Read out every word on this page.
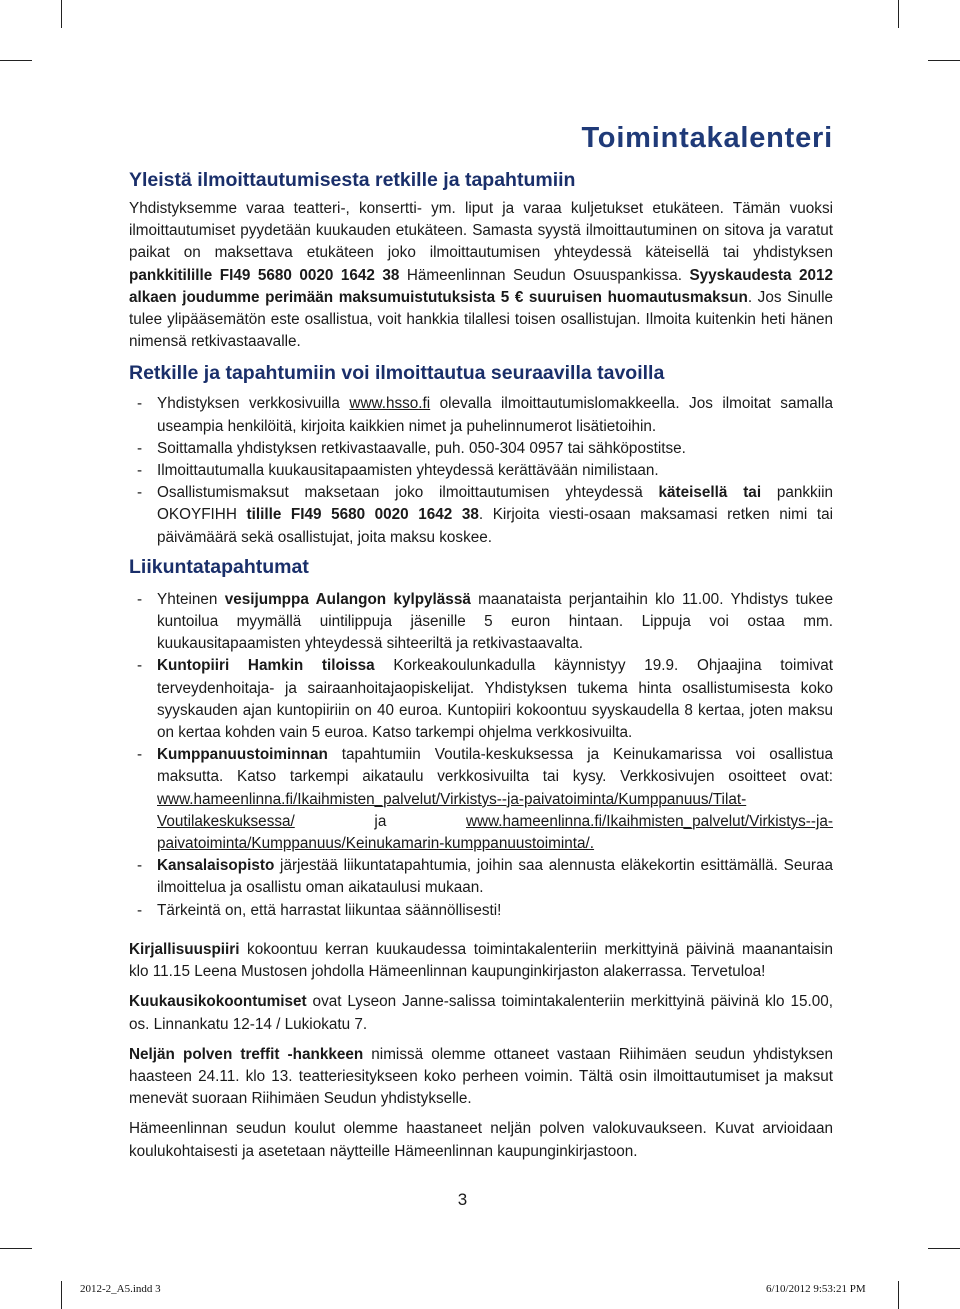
Toimintakalenteri
Yleistä ilmoittautumisesta retkille ja tapahtumiin

Yhdistyksemme varaa teatteri-, konsertti- ym. liput ja varaa kuljetukset etukäteen. Tämän vuoksi ilmoittautumiset pyydetään kuukauden etukäteen. Samasta syystä ilmoittautuminen on sitova ja varatut paikat on maksettava etukäteen joko ilmoittautumisen yhteydessä käteisellä tai yhdistyksen pankkitilille FI49 5680 0020 1642 38 Hämeenlinnan Seudun Osuuspankissa. Syyskaudesta 2012 alkaen joudumme perimään maksumuistutuksista 5 € suuruisen huomautusmaksun. Jos Sinulle tulee ylipääsemätön este osallistua, voit hankkia tilallesi toisen osallistujan. Ilmoita kuitenkin heti hänen nimensä retkivastaavalle.

Retkille ja tapahtumiin voi ilmoittautua seuraavilla tavoilla
- Yhdistyksen verkkosivuilla www.hsso.fi olevalla ilmoittautumislomakkeella. Jos ilmoitat samalla useampia henkilöitä, kirjoita kaikkien nimet ja puhelinnumerot lisätietoihin.
- Soittamalla yhdistyksen retkivastaavalle, puh. 050-304 0957 tai sähköpostitse.
- Ilmoittautumalla kuukausitapaamisten yhteydessä kerättävään nimilistaan.
- Osallistumismaksut maksetaan joko ilmoittautumisen yhteydessä käteisellä tai pankkiin OKOYFIHH tilille FI49 5680 0020 1642 38. Kirjoita viesti-osaan maksamasi retken nimi tai päivämäärä sekä osallistujat, joita maksu koskee.
Liikuntatapahtumat
- Yhteinen vesijumppa Aulangon kylpylässä maanataista perjantaihin klo 11.00. Yhdistys tukee kuntoilua myymällä uintilippuja jäsenille 5 euron hintaan. Lippuja voi ostaa mm. kuukausitapaamisten yhteydessä sihteeriltä ja retkivastaavalta.
- Kuntopiiri Hamkin tiloissa Korkeakoulunkadulla käynnistyy 19.9. Ohjaajina toimivat terveydenhoitaja- ja sairaanhoitajaopiskelijat. Yhdistyksen tukema hinta osallistumisesta koko syyskauden ajan kuntopiiriin on 40 euroa. Kuntopiiri kokoontuu syyskaudella 8 kertaa, joten maksu on kertaa kohden vain 5 euroa. Katso tarkempi ohjelma verkkosivuilta.
- Kumppanuustoiminnan tapahtumiin Voutila-keskuksessa ja Keinukamarissa voi osallistua maksutta. Katso tarkempi aikataulu verkkosivuilta tai kysy. Verkkosivujen osoitteet ovat: www.hameenlinna.fi/Ikaihmisten_palvelut/Virkistys--ja-paivatoiminta/Kumppanuus/Tilat-Voutilakeskuksessa/ ja www.hameenlinna.fi/Ikaihmisten_palvelut/Virkistys--ja-paivatoiminta/Kumppanuus/Keinukamarin-kumppanuustoiminta/.
- Kansalaisopisto järjestää liikuntatapahtumia, joihin saa alennusta eläkekortin esittämällä. Seuraa ilmoittelua ja osallistu oman aikataulusi mukaan.
- Tärkeintä on, että harrastat liikuntaa säännöllisesti!

Kirjallisuuspiiri kokoontuu kerran kuukaudessa toimintakalenteriin merkittyinä päivinä maanantaisin klo 11.15 Leena Mustosen johdolla Hämeenlinnan kaupunginkirjaston alakerrassa. Tervetuloa!

Kuukausikokoontumiset ovat Lyseon Janne-salissa toimintakalenteriin merkittyinä päivinä klo 15.00, os. Linnankatu 12-14 / Lukiokatu 7.

Neljän polven treffit -hankkeen nimissä olemme ottaneet vastaan Riihimäen seudun yhdistyksen haasteen 24.11. klo 13. teatteriesitykseen koko perheen voimin. Tältä osin ilmoittautumiset ja maksut menevät suoraan Riihimäen Seudun yhdistykselle.

Hämeenlinnan seudun koulut olemme haastaneet neljän polven valokuvaukseen. Kuvat arvioidaan koulukohtaisesti ja asetetaan näytteille Hämeenlinnan kaupunginkirjastoon.

3
2012-2_A5.indd 3	6/10/2012 9:53:21 PM
